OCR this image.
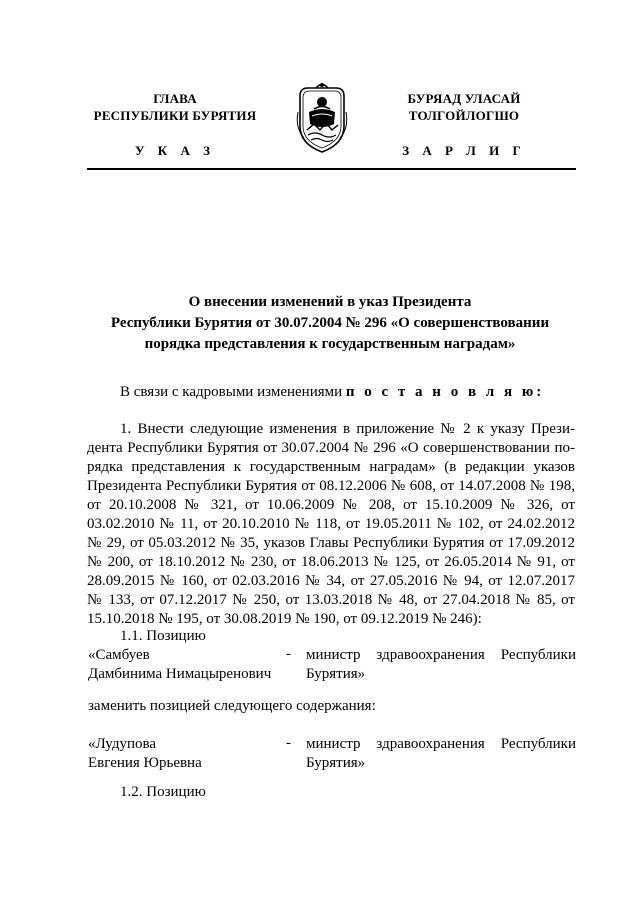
ГЛАВА
РЕСПУБЛИКИ БУРЯТИЯ
БУРЯАД УЛАСАЙ
ТОЛГОЙЛОГШО
У К А З	З А Р Л И Г
О внесении изменений в указ Президента
Республики Бурятия от 30.07.2004 № 296 «О совершенствовании
порядка представления к государственным наградам»
В связи с кадровыми изменениями п о с т а н о в л я ю:
1. Внести следующие изменения в приложение № 2 к указу Прези-
дента Республики Бурятия от 30.07.2004 № 296 «О совершенствовании по-
рядка представления к государственным наградам» (в редакции указов
Президента Республики Бурятия от 08.12.2006 № 608, от 14.07.2008 № 198,
от 20.10.2008 № 321, от 10.06.2009 № 208, от 15.10.2009 № 326, от
03.02.2010 № 11, от 20.10.2010 № 118, от 19.05.2011 № 102, от 24.02.2012
№ 29, от 05.03.2012 № 35, указов Главы Республики Бурятия от 17.09.2012
№ 200, от 18.10.2012 № 230, от 18.06.2013 № 125, от 26.05.2014 № 91, от
28.09.2015 № 160, от 02.03.2016 № 34, от 27.05.2016 № 94, от 12.07.2017
№ 133, от 07.12.2017 № 250, от 13.03.2018 № 48, от 27.04.2018 № 85, от
15.10.2018 № 195, от 30.08.2019 № 190, от 09.12.2019 № 246):
1.1. Позицию
«Самбуев
Дамбинима Нимацыренович
- министр здравоохранения Республики
Бурятия»
заменить позицией следующего содержания:
«Лудупова
Евгения Юрьевна
- министр здравоохранения Республики
Бурятия»
1.2. Позицию
